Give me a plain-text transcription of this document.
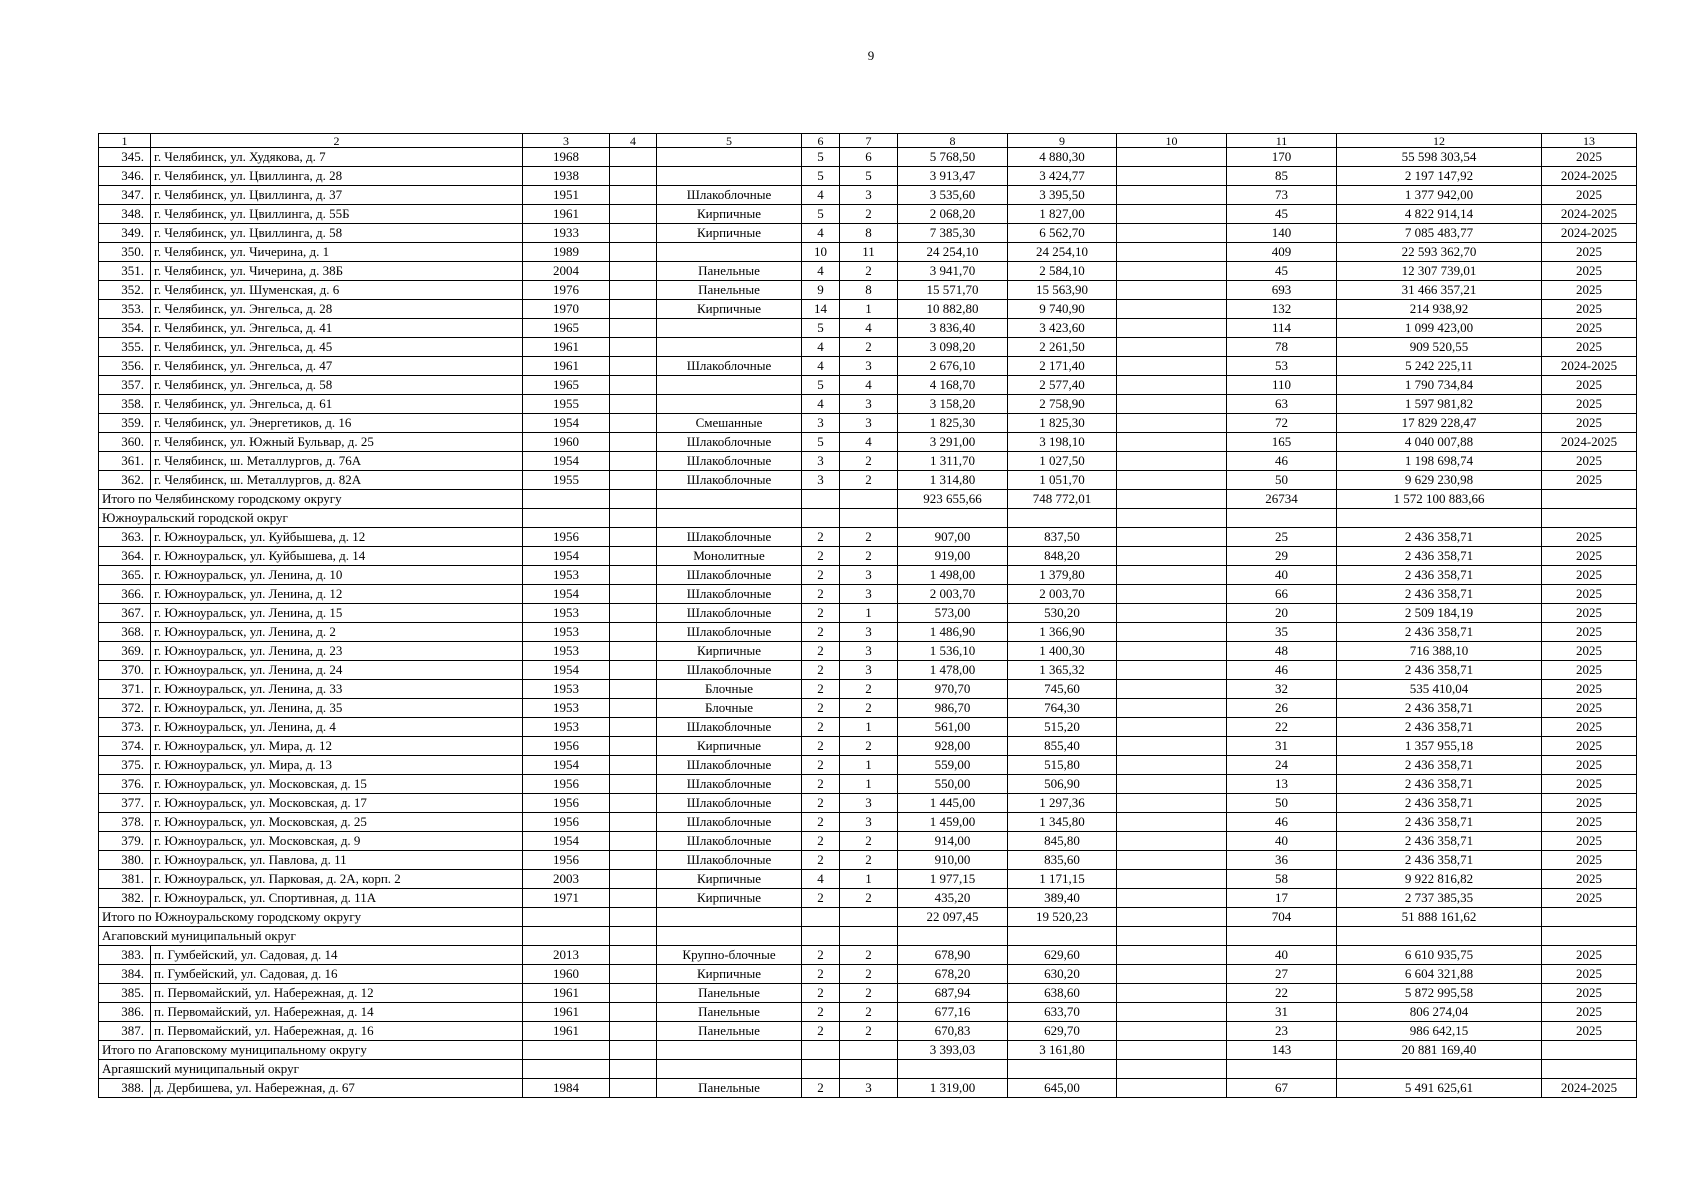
9
1	2	3	4	5	6	7	8	9	10	11	12	13
345.	г. Челябинск, ул. Худякова, д. 7	1968			5	6	5 768,50	4 880,30		170	55 598 303,54	2025
346.	г. Челябинск, ул. Цвиллинга, д. 28	1938			5	5	3 913,47	3 424,77		85	2 197 147,92	2024-2025
347.	г. Челябинск, ул. Цвиллинга, д. 37	1951		Шлакоблочные	4	3	3 535,60	3 395,50		73	1 377 942,00	2025
348.	г. Челябинск, ул. Цвиллинга, д. 55Б	1961		Кирпичные	5	2	2 068,20	1 827,00		45	4 822 914,14	2024-2025
349.	г. Челябинск, ул. Цвиллинга, д. 58	1933		Кирпичные	4	8	7 385,30	6 562,70		140	7 085 483,77	2024-2025
350.	г. Челябинск, ул. Чичерина, д. 1	1989			10	11	24 254,10	24 254,10		409	22 593 362,70	2025
351.	г. Челябинск, ул. Чичерина, д. 38Б	2004		Панельные	4	2	3 941,70	2 584,10		45	12 307 739,01	2025
352.	г. Челябинск, ул. Шуменская, д. 6	1976		Панельные	9	8	15 571,70	15 563,90		693	31 466 357,21	2025
353.	г. Челябинск, ул. Энгельса, д. 28	1970		Кирпичные	14	1	10 882,80	9 740,90		132	214 938,92	2025
354.	г. Челябинск, ул. Энгельса, д. 41	1965			5	4	3 836,40	3 423,60		114	1 099 423,00	2025
355.	г. Челябинск, ул. Энгельса, д. 45	1961			4	2	3 098,20	2 261,50		78	909 520,55	2025
356.	г. Челябинск, ул. Энгельса, д. 47	1961		Шлакоблочные	4	3	2 676,10	2 171,40		53	5 242 225,11	2024-2025
357.	г. Челябинск, ул. Энгельса, д. 58	1965			5	4	4 168,70	2 577,40		110	1 790 734,84	2025
358.	г. Челябинск, ул. Энгельса, д. 61	1955			4	3	3 158,20	2 758,90		63	1 597 981,82	2025
359.	г. Челябинск, ул. Энергетиков, д. 16	1954		Смешанные	3	3	1 825,30	1 825,30		72	17 829 228,47	2025
360.	г. Челябинск, ул. Южный Бульвар, д. 25	1960		Шлакоблочные	5	4	3 291,00	3 198,10		165	4 040 007,88	2024-2025
361.	г. Челябинск, ш. Металлургов, д. 76А	1954		Шлакоблочные	3	2	1 311,70	1 027,50		46	1 198 698,74	2025
362.	г. Челябинск, ш. Металлургов, д. 82А	1955		Шлакоблочные	3	2	1 314,80	1 051,70		50	9 629 230,98	2025
Итого по Челябинскому городскому округу							923 655,66	748 772,01		26734	1 572 100 883,66	
Южноуральский городской округ												
363.	г. Южноуральск, ул. Куйбышева, д. 12	1956		Шлакоблочные	2	2	907,00	837,50		25	2 436 358,71	2025
364.	г. Южноуральск, ул. Куйбышева, д. 14	1954		Монолитные	2	2	919,00	848,20		29	2 436 358,71	2025
365.	г. Южноуральск, ул. Ленина, д. 10	1953		Шлакоблочные	2	3	1 498,00	1 379,80		40	2 436 358,71	2025
366.	г. Южноуральск, ул. Ленина, д. 12	1954		Шлакоблочные	2	3	2 003,70	2 003,70		66	2 436 358,71	2025
367.	г. Южноуральск, ул. Ленина, д. 15	1953		Шлакоблочные	2	1	573,00	530,20		20	2 509 184,19	2025
368.	г. Южноуральск, ул. Ленина, д. 2	1953		Шлакоблочные	2	3	1 486,90	1 366,90		35	2 436 358,71	2025
369.	г. Южноуральск, ул. Ленина, д. 23	1953		Кирпичные	2	3	1 536,10	1 400,30		48	716 388,10	2025
370.	г. Южноуральск, ул. Ленина, д. 24	1954		Шлакоблочные	2	3	1 478,00	1 365,32		46	2 436 358,71	2025
371.	г. Южноуральск, ул. Ленина, д. 33	1953		Блочные	2	2	970,70	745,60		32	535 410,04	2025
372.	г. Южноуральск, ул. Ленина, д. 35	1953		Блочные	2	2	986,70	764,30		26	2 436 358,71	2025
373.	г. Южноуральск, ул. Ленина, д. 4	1953		Шлакоблочные	2	1	561,00	515,20		22	2 436 358,71	2025
374.	г. Южноуральск, ул. Мира, д. 12	1956		Кирпичные	2	2	928,00	855,40		31	1 357 955,18	2025
375.	г. Южноуральск, ул. Мира, д. 13	1954		Шлакоблочные	2	1	559,00	515,80		24	2 436 358,71	2025
376.	г. Южноуральск, ул. Московская, д. 15	1956		Шлакоблочные	2	1	550,00	506,90		13	2 436 358,71	2025
377.	г. Южноуральск, ул. Московская, д. 17	1956		Шлакоблочные	2	3	1 445,00	1 297,36		50	2 436 358,71	2025
378.	г. Южноуральск, ул. Московская, д. 25	1956		Шлакоблочные	2	3	1 459,00	1 345,80		46	2 436 358,71	2025
379.	г. Южноуральск, ул. Московская, д. 9	1954		Шлакоблочные	2	2	914,00	845,80		40	2 436 358,71	2025
380.	г. Южноуральск, ул. Павлова, д. 11	1956		Шлакоблочные	2	2	910,00	835,60		36	2 436 358,71	2025
381.	г. Южноуральск, ул. Парковая, д. 2А, корп. 2	2003		Кирпичные	4	1	1 977,15	1 171,15		58	9 922 816,82	2025
382.	г. Южноуральск, ул. Спортивная, д. 11А	1971		Кирпичные	2	2	435,20	389,40		17	2 737 385,35	2025
Итого по Южноуральскому городскому округу							22 097,45	19 520,23		704	51 888 161,62	
Агаповский муниципальный округ												
383.	п. Гумбейский, ул. Садовая, д. 14	2013		Крупно-блочные	2	2	678,90	629,60		40	6 610 935,75	2025
384.	п. Гумбейский, ул. Садовая, д. 16	1960		Кирпичные	2	2	678,20	630,20		27	6 604 321,88	2025
385.	п. Первомайский, ул. Набережная, д. 12	1961		Панельные	2	2	687,94	638,60		22	5 872 995,58	2025
386.	п. Первомайский, ул. Набережная, д. 14	1961		Панельные	2	2	677,16	633,70		31	806 274,04	2025
387.	п. Первомайский, ул. Набережная, д. 16	1961		Панельные	2	2	670,83	629,70		23	986 642,15	2025
Итого по Агаповскому муниципальному округу							3 393,03	3 161,80		143	20 881 169,40	
Аргаяшский муниципальный округ												
388.	д. Дербишева, ул. Набережная, д. 67	1984		Панельные	2	3	1 319,00	645,00		67	5 491 625,61	2024-2025
